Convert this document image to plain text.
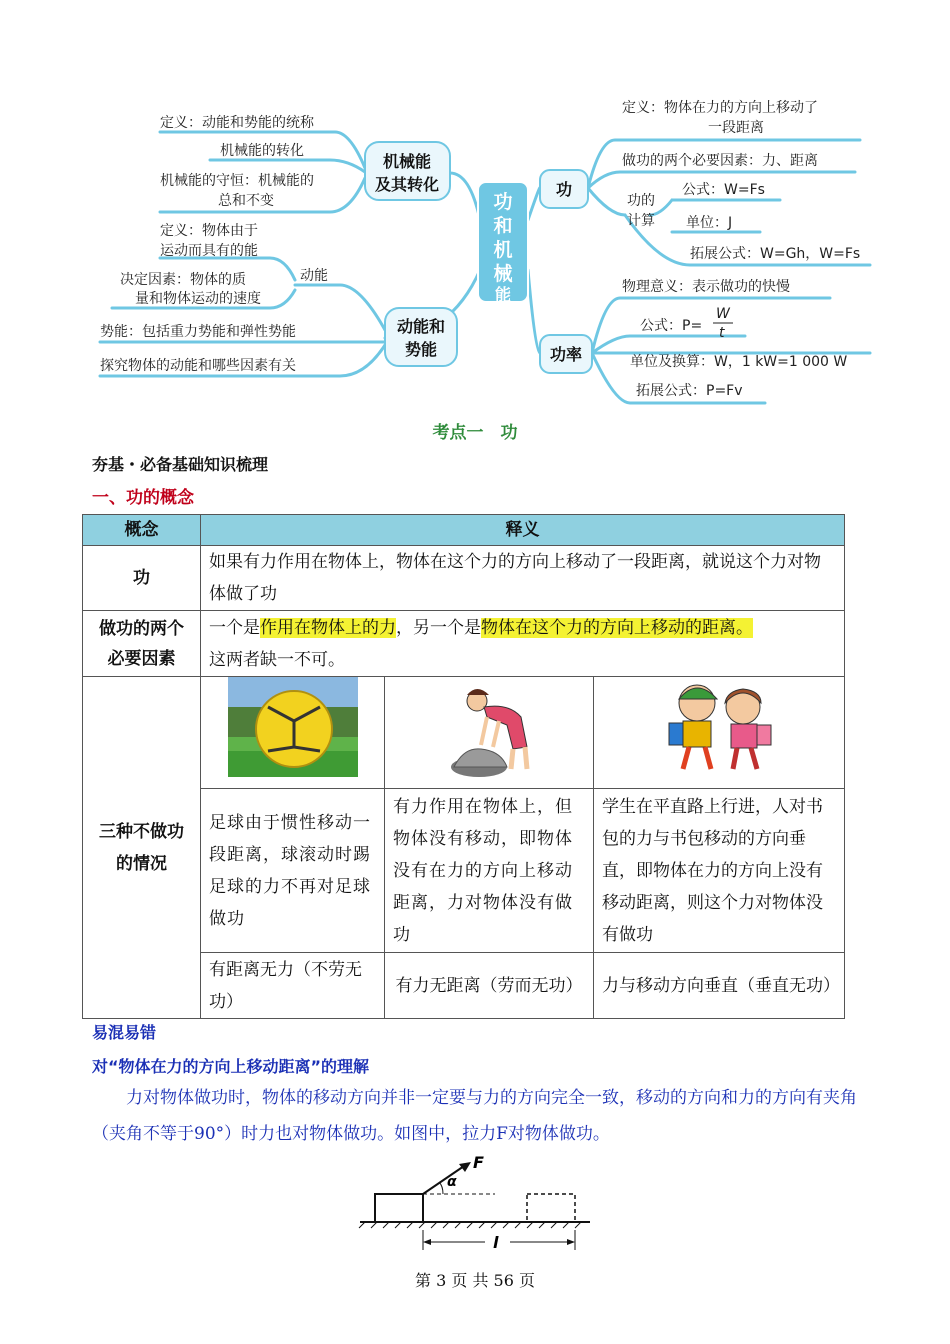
功
和
机
械
能
机械能
及其转化
动能和
势能
功
功率
定义：动能和势能的统称
机械能的转化
机械能的守恒：机械能的
总和不变
定义：物体由于
运动而具有的能
动能
决定因素：物体的质
量和物体运动的速度
势能：包括重力势能和弹性势能
探究物体的动能和哪些因素有关
定义：物体在力的方向上移动了
一段距离
做功的两个必要因素：力、距离
功的
计算
公式：W=Fs
单位：J
拓展公式：W=Gh，W=Fs
物理意义：表示做功的快慢
公式：P=
W
t
单位及换算：W，1 kW=1 000 W
拓展公式：P=Fv
考点一　功
夯基・必备基础知识梳理
一、功的概念
概念	释义		
功	如果有力作用在物体上，物体在这个力的方向上移动了一段距离，就说这个力对物体做了功		
做功的两个必要因素	一个是作用在物体上的力，另一个是物体在这个力的方向上移动的距离。
这两者缺一不可。		
三种不做功的情况			
	足球由于惯性移动一段距离，球滚动时踢足球的力不再对足球做功	有力作用在物体上，但物体没有移动，即物体没有在力的方向上移动距离，力对物体没有做功	学生在平直路上行进，人对书包的力与书包移动的方向垂直，即物体在力的方向上没有移动距离，则这个力对物体没有做功
	有距离无力（不劳无功）	有力无距离（劳而无功）	力与移动方向垂直（垂直无功）
易混易错
对“物体在力的方向上移动距离”的理解
力对物体做功时，物体的移动方向并非一定要与力的方向完全一致，移动的方向和力的方向有夹角（夹角不等于90°）时力也对物体做功。如图中，拉力F对物体做功。
α
F
l
第 3 页 共 56 页
